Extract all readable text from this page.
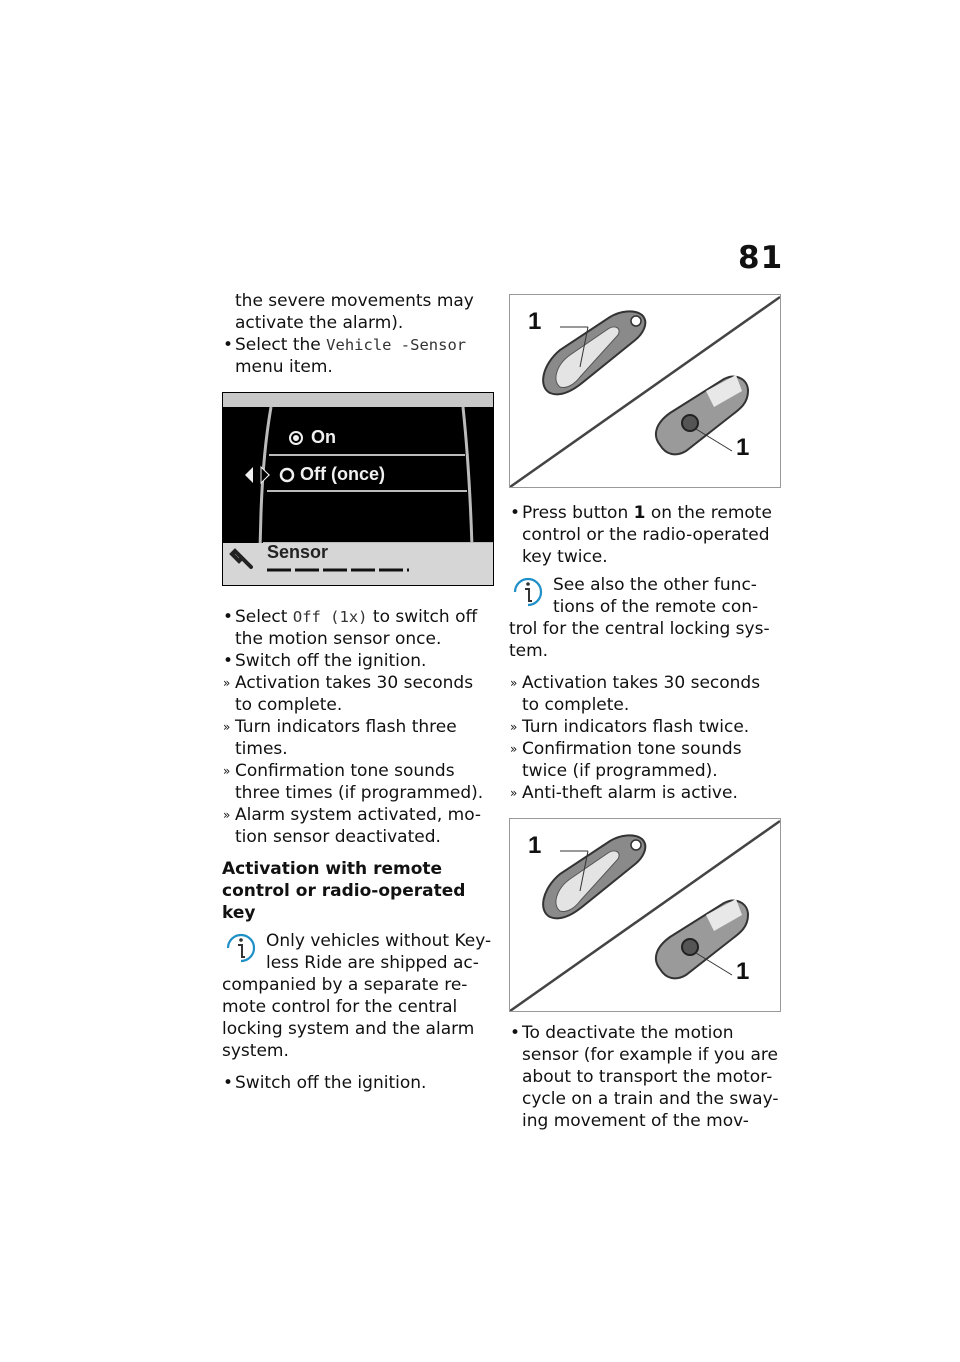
81

the severe movements may activate the alarm).

• Select the Vehicle -Sensor menu item.

On
Off (once)
Sensor

• Select Off (1x) to switch off the motion sensor once.

• Switch off the ignition.

» Activation takes 30 seconds to complete.

» Turn indicators flash three times.

» Confirmation tone sounds three times (if programmed).

» Alarm system activated, mo-tion sensor deactivated.

Activation with remote control or radio-operated key

Only vehicles without Key-less Ride are shipped ac-companied by a separate re-mote control for the central locking system and the alarm system.

• Switch off the ignition.

1
1

• Press button 1 on the remote control or the radio-operated key twice.

See also the other func-tions of the remote con-trol for the central locking sys-tem.

» Activation takes 30 seconds to complete.

» Turn indicators flash twice.

» Confirmation tone sounds twice (if programmed).

» Anti-theft alarm is active.

1
1

• To deactivate the motion sensor (for example if you are about to transport the motor-cycle on a train and the sway-ing movement of the mov-
